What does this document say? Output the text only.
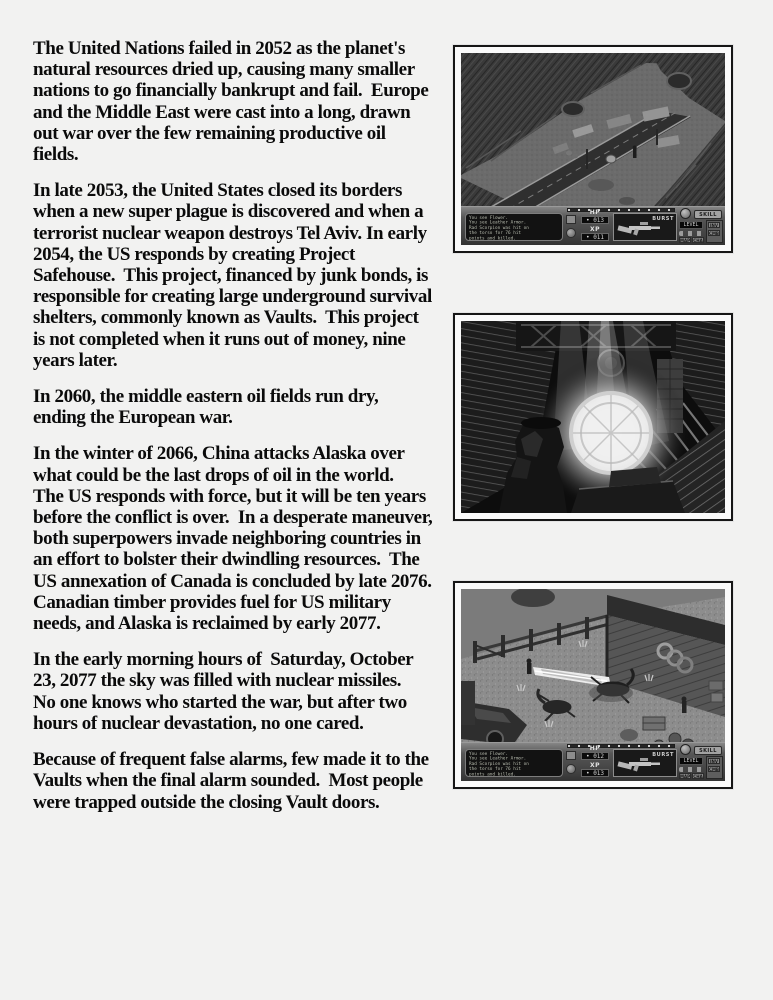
The United Nations failed in 2052 as the planet's
natural resources dried up, causing many smaller
nations to go financially bankrupt and fail.  Europe
and the Middle East were cast into a long, drawn
out war over the few remaining productive oil
fields.
In late 2053, the United States closed its borders
when a new super plague is discovered and when a
terrorist nuclear weapon destroys Tel Aviv. In early
2054, the US responds by creating Project
Safehouse.  This project, financed by junk bonds, is
responsible for creating large underground survival
shelters, commonly known as Vaults.  This project
is not completed when it runs out of money, nine
years later.
In 2060, the middle eastern oil fields run dry,
ending the European war.
In the winter of 2066, China attacks Alaska over
what could be the last drops of oil in the world.
The US responds with force, but it will be ten years
before the conflict is over.  In a desperate maneuver,
both superpowers invade neighboring countries in
an effort to bolster their dwindling resources.  The
US annexation of Canada is concluded by late 2076.
Canadian timber provides fuel for US military
needs, and Alaska is reclaimed by early 2077.
In the early morning hours of  Saturday, October
23, 2077 the sky was filled with nuclear missiles.
No one knows who started the war, but after two
hours of nuclear devastation, no one cared.
Because of frequent false alarms, few made it to the
Vaults when the final alarm sounded.  Most people
were trapped outside the closing Vault doors.
You see Flower.
You see Leather Armor.
Rad Scorpion was hit on
the torso for 76 hit
points and killed.
HP
• 013
XP
• 011
BURST
SKILL
LEVEL
MAP CHA
INV
CMB
You see Flower.
You see Leather Armor.
Rad Scorpion was hit on
the torso for 76 hit
points and killed.
HP
• 012
XP
• 013
BURST
SKILL
LEVEL
MAP CHA
INV
CMB
